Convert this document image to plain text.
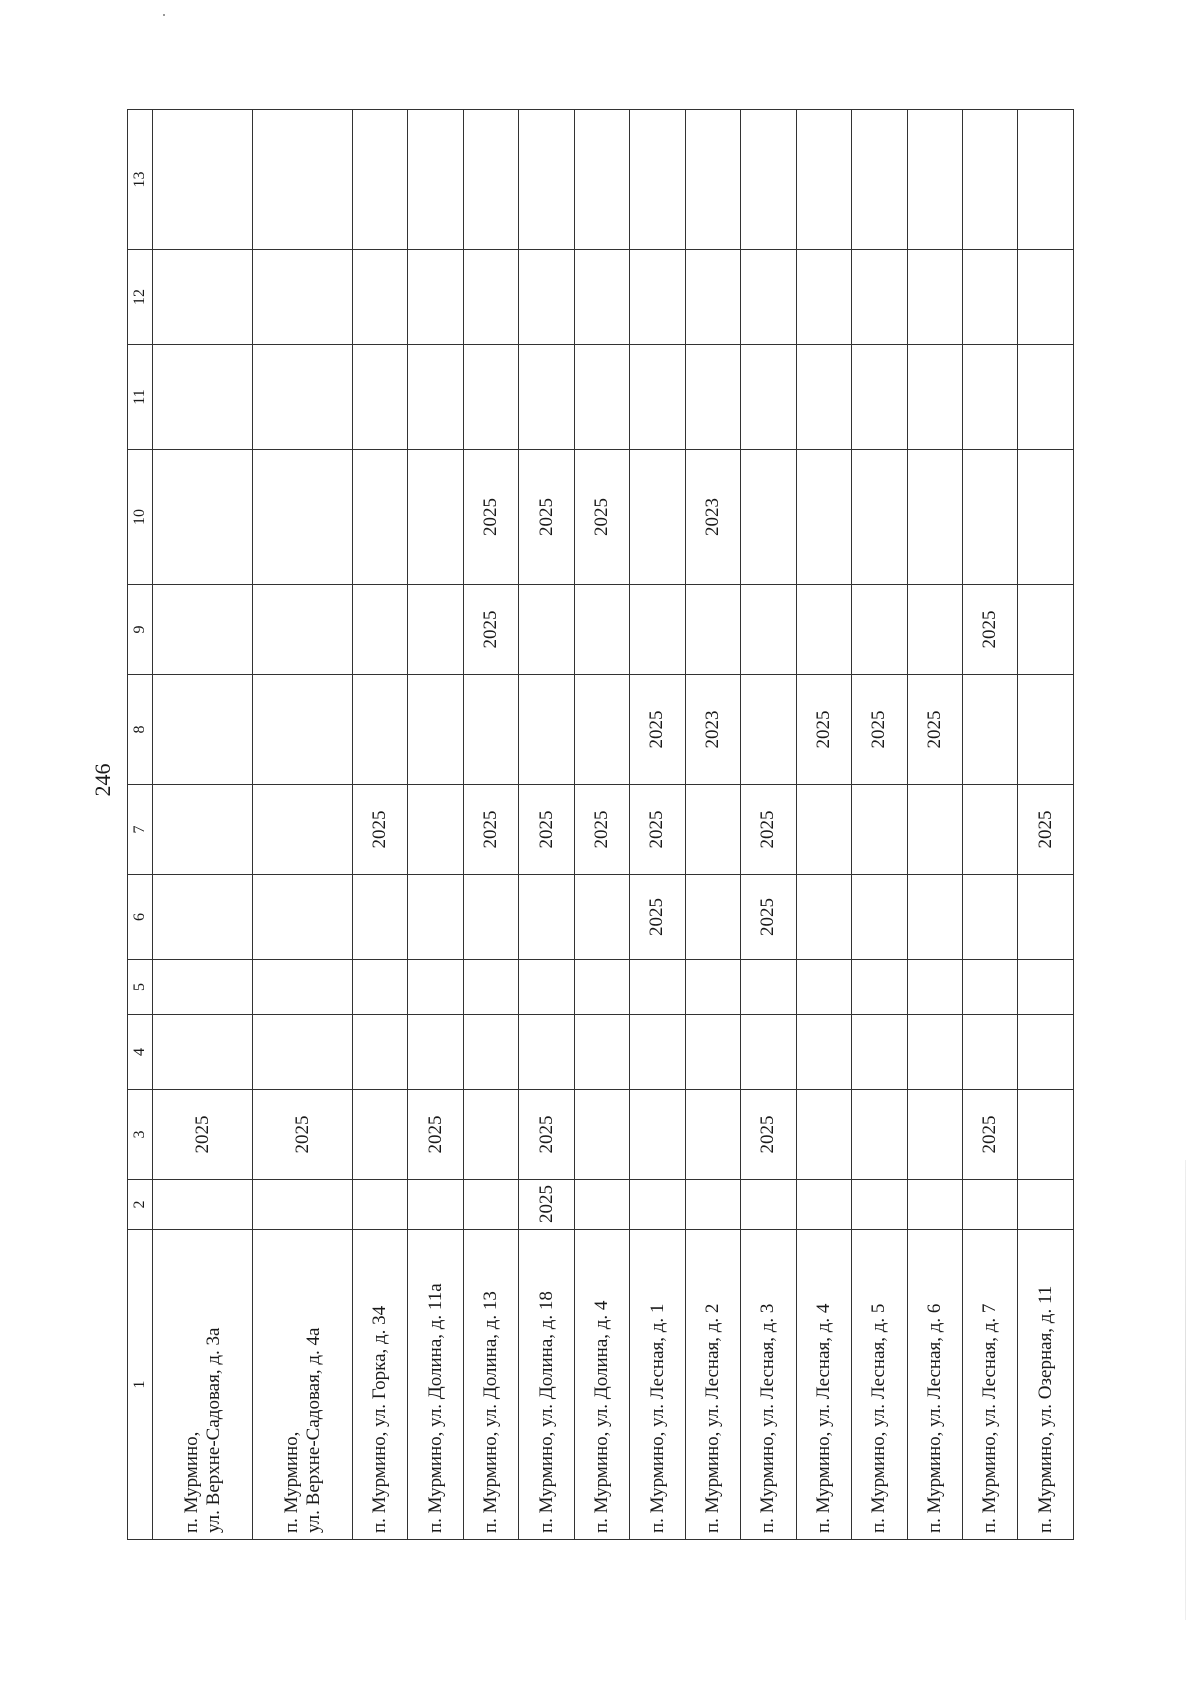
246
1	2	3	4	5	6	7	8	9	10	11	12	13
п. Мурмино,
ул. Верхне-Садовая, д. 3а		2025										
п. Мурмино,
ул. Верхне-Садовая, д. 4а		2025										
п. Мурмино, ул. Горка, д. 34						2025						
п. Мурмино, ул. Долина, д. 11а		2025										
п. Мурмино, ул. Долина, д. 13						2025		2025	2025			
п. Мурмино, ул. Долина, д. 18	2025	2025				2025			2025			
п. Мурмино, ул. Долина, д. 4						2025			2025			
п. Мурмино, ул. Лесная, д. 1					2025	2025	2025					
п. Мурмино, ул. Лесная, д. 2							2023		2023			
п. Мурмино, ул. Лесная, д. 3		2025			2025	2025						
п. Мурмино, ул. Лесная, д. 4							2025					
п. Мурмино, ул. Лесная, д. 5							2025					
п. Мурмино, ул. Лесная, д. 6							2025					
п. Мурмино, ул. Лесная, д. 7		2025						2025				
п. Мурмино, ул. Озерная, д. 11						2025						
